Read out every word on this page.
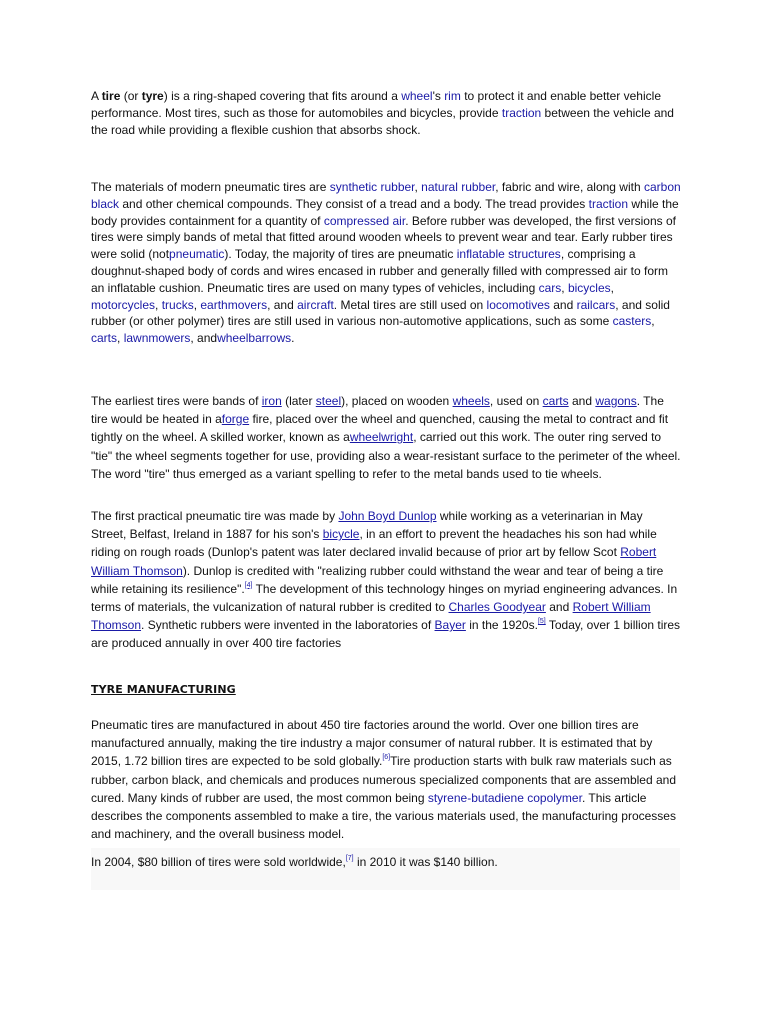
A tire (or tyre) is a ring-shaped covering that fits around a wheel's rim to protect it and enable better vehicle performance. Most tires, such as those for automobiles and bicycles, provide traction between the vehicle and the road while providing a flexible cushion that absorbs shock.

The materials of modern pneumatic tires are synthetic rubber, natural rubber, fabric and wire, along with carbon black and other chemical compounds. They consist of a tread and a body. The tread provides traction while the body provides containment for a quantity of compressed air. Before rubber was developed, the first versions of tires were simply bands of metal that fitted around wooden wheels to prevent wear and tear. Early rubber tires were solid (notpneumatic). Today, the majority of tires are pneumatic inflatable structures, comprising a doughnut-shaped body of cords and wires encased in rubber and generally filled with compressed air to form an inflatable cushion. Pneumatic tires are used on many types of vehicles, including cars, bicycles, motorcycles, trucks, earthmovers, and aircraft. Metal tires are still used on locomotives and railcars, and solid rubber (or other polymer) tires are still used in various non-automotive applications, such as some casters, carts, lawnmowers, andwheelbarrows.

The earliest tires were bands of iron (later steel), placed on wooden wheels, used on carts and wagons. The tire would be heated in aforge fire, placed over the wheel and quenched, causing the metal to contract and fit tightly on the wheel. A skilled worker, known as awheelwright, carried out this work. The outer ring served to "tie" the wheel segments together for use, providing also a wear-resistant surface to the perimeter of the wheel. The word "tire" thus emerged as a variant spelling to refer to the metal bands used to tie wheels.

The first practical pneumatic tire was made by John Boyd Dunlop while working as a veterinarian in May Street, Belfast, Ireland in 1887 for his son's bicycle, in an effort to prevent the headaches his son had while riding on rough roads (Dunlop's patent was later declared invalid because of prior art by fellow Scot Robert William Thomson). Dunlop is credited with "realizing rubber could withstand the wear and tear of being a tire while retaining its resilience".[4] The development of this technology hinges on myriad engineering advances. In terms of materials, the vulcanization of natural rubber is credited to Charles Goodyear and Robert William Thomson. Synthetic rubbers were invented in the laboratories of Bayer in the 1920s.[5] Today, over 1 billion tires are produced annually in over 400 tire factories

TYRE MANUFACTURING

Pneumatic tires are manufactured in about 450 tire factories around the world. Over one billion tires are manufactured annually, making the tire industry a major consumer of natural rubber. It is estimated that by 2015, 1.72 billion tires are expected to be sold globally.[6]Tire production starts with bulk raw materials such as rubber, carbon black, and chemicals and produces numerous specialized components that are assembled and cured. Many kinds of rubber are used, the most common being styrene-butadiene copolymer. This article describes the components assembled to make a tire, the various materials used, the manufacturing processes and machinery, and the overall business model.

In 2004, $80 billion of tires were sold worldwide,[7] in 2010 it was $140 billion.
